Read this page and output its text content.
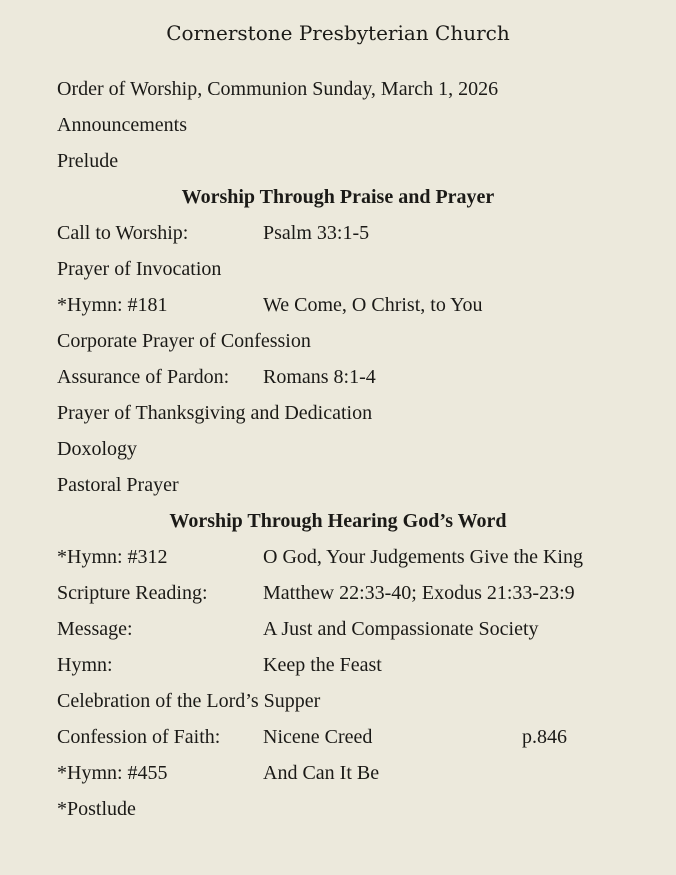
Cornerstone Presbyterian Church
Order of Worship, Communion Sunday, March 1, 2026
Announcements
Prelude
Worship Through Praise and Prayer
Call to Worship:	Psalm 33:1-5
Prayer of Invocation
*Hymn: #181	We Come, O Christ, to You
Corporate Prayer of Confession
Assurance of Pardon:	Romans 8:1-4
Prayer of Thanksgiving and Dedication
Doxology
Pastoral Prayer
Worship Through Hearing God’s Word
*Hymn: #312	O God, Your Judgements Give the King
Scripture Reading:	Matthew 22:33-40; Exodus 21:33-23:9
Message:	A Just and Compassionate Society
Hymn:	Keep the Feast
Celebration of the Lord’s Supper
Confession of Faith:	Nicene Creed	p.846
*Hymn: #455	And Can It Be
*Postlude
